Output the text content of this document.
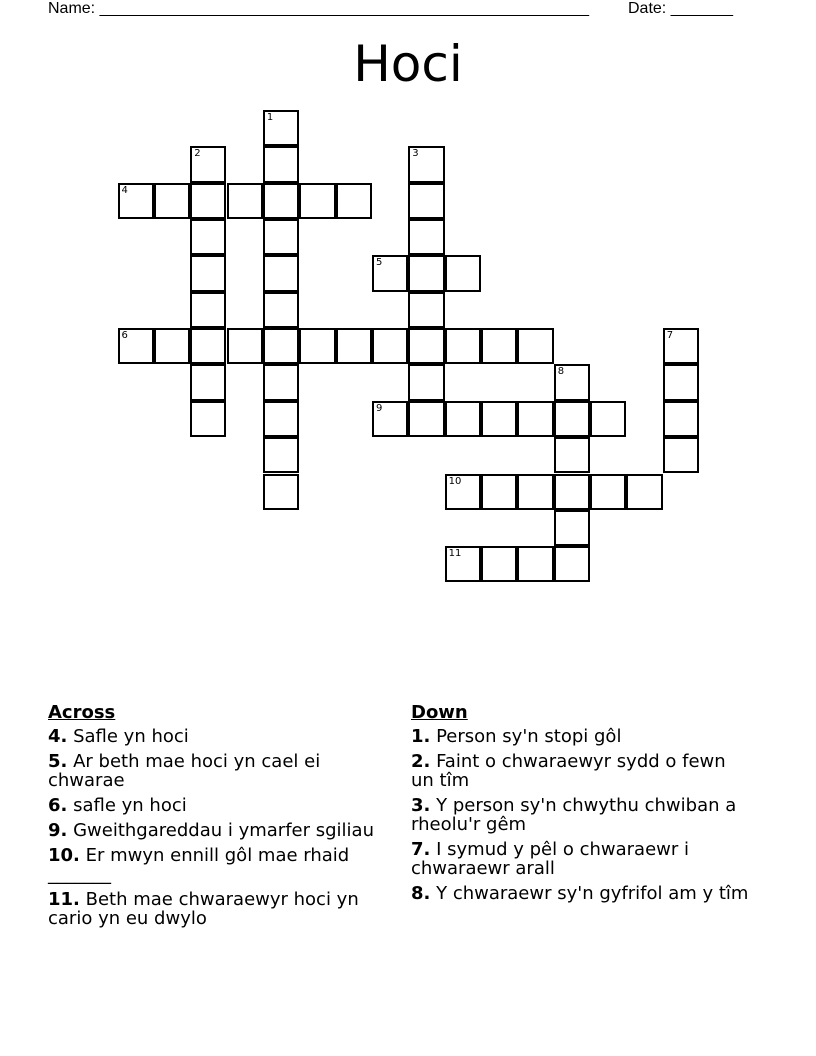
Name: _______________________________________________________ Date: _______
Hoci
1
2	3
4
5
6	7
8
9
10
11
Across
4. Safle yn hoci
5. Ar beth mae hoci yn cael ei chwarae
6. safle yn hoci
9. Gweithgareddau i ymarfer sgiliau
10. Er mwyn ennill gôl mae rhaid _______
11. Beth mae chwaraewyr hoci yn cario yn eu dwylo
Down
1. Person sy'n stopi gôl
2. Faint o chwaraewyr sydd o fewn un tîm
3. Y person sy'n chwythu chwiban a rheolu'r gêm
7. I symud y pêl o chwaraewr i chwaraewr arall
8. Y chwaraewr sy'n gyfrifol am y tîm
